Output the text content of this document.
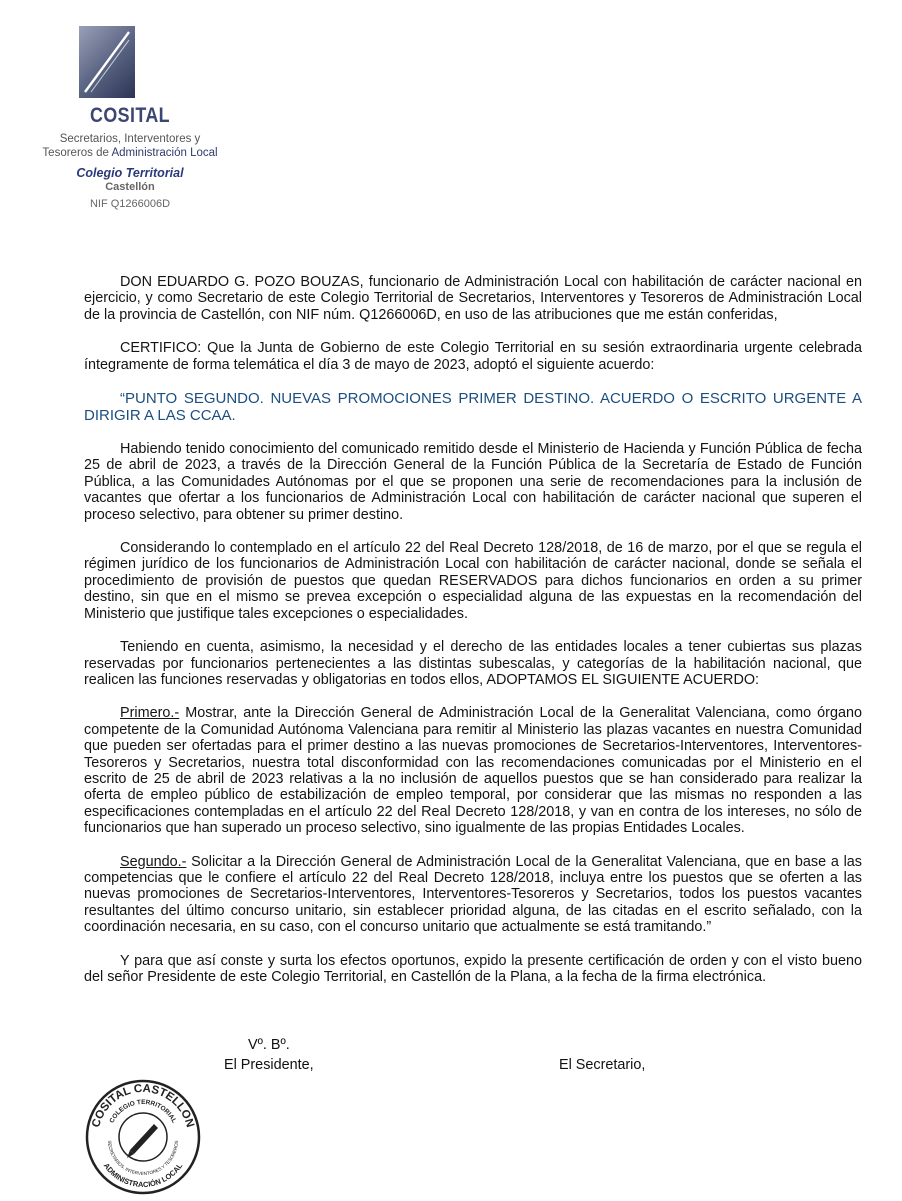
COSITAL
Secretarios, Interventores y
Tesoreros de Administración Local
Colegio Territorial
Castellón
NIF Q1266006D

DON EDUARDO G. POZO BOUZAS, funcionario de Administración Local con habilitación de carácter nacional en ejercicio, y como Secretario de este Colegio Territorial de Secretarios, Interventores y Tesoreros de Administración Local de la provincia de Castellón, con NIF núm. Q1266006D, en uso de las atribuciones que me están conferidas,

CERTIFICO: Que la Junta de Gobierno de este Colegio Territorial en su sesión extraordinaria urgente celebrada íntegramente de forma telemática el día 3 de mayo de 2023, adoptó el siguiente acuerdo:

“PUNTO SEGUNDO. NUEVAS PROMOCIONES PRIMER DESTINO. ACUERDO O ESCRITO URGENTE A DIRIGIR A LAS CCAA.

Habiendo tenido conocimiento del comunicado remitido desde el Ministerio de Hacienda y Función Pública de fecha 25 de abril de 2023, a través de la Dirección General de la Función Pública de la Secretaría de Estado de Función Pública, a las Comunidades Autónomas por el que se proponen una serie de recomendaciones para la inclusión de vacantes que ofertar a los funcionarios de Administración Local con habilitación de carácter nacional que superen el proceso selectivo, para obtener su primer destino.

Considerando lo contemplado en el artículo 22 del Real Decreto 128/2018, de 16 de marzo, por el que se regula el régimen jurídico de los funcionarios de Administración Local con habilitación de carácter nacional, donde se señala el procedimiento de provisión de puestos que quedan RESERVADOS para dichos funcionarios en orden a su primer destino, sin que en el mismo se prevea excepción o especialidad alguna de las expuestas en la recomendación del Ministerio que justifique tales excepciones o especialidades.

Teniendo en cuenta, asimismo, la necesidad y el derecho de las entidades locales a tener cubiertas sus plazas reservadas por funcionarios pertenecientes a las distintas subescalas, y categorías de la habilitación nacional, que realicen las funciones reservadas y obligatorias en todos ellos, ADOPTAMOS EL SIGUIENTE ACUERDO:

Primero.- Mostrar, ante la Dirección General de Administración Local de la Generalitat Valenciana, como órgano competente de la Comunidad Autónoma Valenciana para remitir al Ministerio las plazas vacantes en nuestra Comunidad que pueden ser ofertadas para el primer destino a las nuevas promociones de Secretarios-Interventores, Interventores-Tesoreros y Secretarios, nuestra total disconformidad con las recomendaciones comunicadas por el Ministerio en el escrito de 25 de abril de 2023 relativas a la no inclusión de aquellos puestos que se han considerado para realizar la oferta de empleo público de estabilización de empleo temporal, por considerar que las mismas no responden a las especificaciones contempladas en el artículo 22 del Real Decreto 128/2018, y van en contra de los intereses, no sólo de funcionarios que han superado un proceso selectivo, sino igualmente de las propias Entidades Locales.

Segundo.- Solicitar a la Dirección General de Administración Local de la Generalitat Valenciana, que en base a las competencias que le confiere el artículo 22 del Real Decreto 128/2018, incluya entre los puestos que se oferten a las nuevas promociones de Secretarios-Interventores, Interventores-Tesoreros y Secretarios, todos los puestos vacantes resultantes del último concurso unitario, sin establecer prioridad alguna, de las citadas en el escrito señalado, con la coordinación necesaria, en su caso, con el concurso unitario que actualmente se está tramitando.”

Y para que así conste y surta los efectos oportunos, expido la presente certificación de orden y con el visto bueno del señor Presidente de este Colegio Territorial, en Castellón de la Plana, a la fecha de la firma electrónica.

Vº. Bº.
El Presidente,	El Secretario,
COSITAL CASTELLON
COLEGIO TERRITORIAL
SECRETARIOS, INTERVENTORES Y TESOREROS
ADMINISTRACIÓN LOCAL
